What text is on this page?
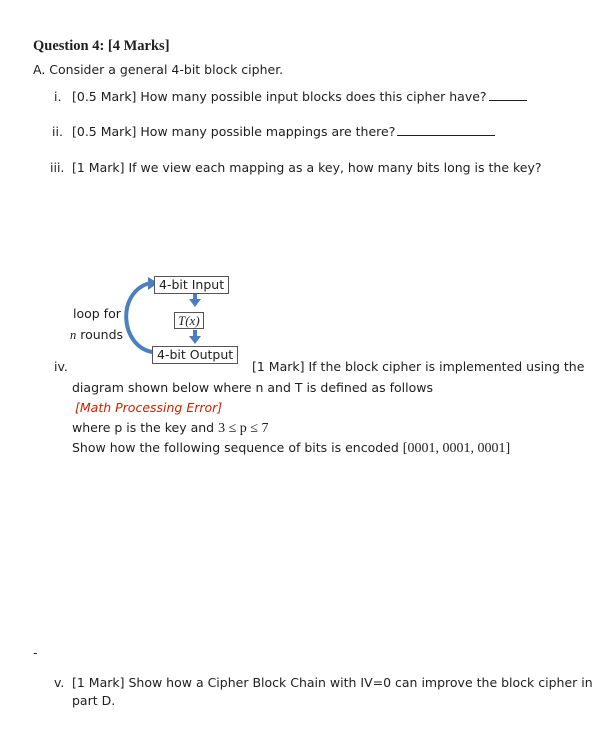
Question 4: [4 Marks]
A. Consider a general 4-bit block cipher.
i. [0.5 Mark] How many possible input blocks does this cipher have?
ii. [0.5 Mark] How many possible mappings are there?
iii. [1 Mark] If we view each mapping as a key, how many bits long is the key?
4-bit Input
T(x)
4-bit Output
loop for
n rounds
iv.	[1 Mark] If the block cipher is implemented using the
diagram shown below where n and T is defined as follows
[Math Processing Error]
where p is the key and 3 ≤ p ≤ 7
Show how the following sequence of bits is encoded [0001, 0001, 0001]
-
v. [1 Mark] Show how a Cipher Block Chain with IV=0 can improve the block cipher in
part D.
